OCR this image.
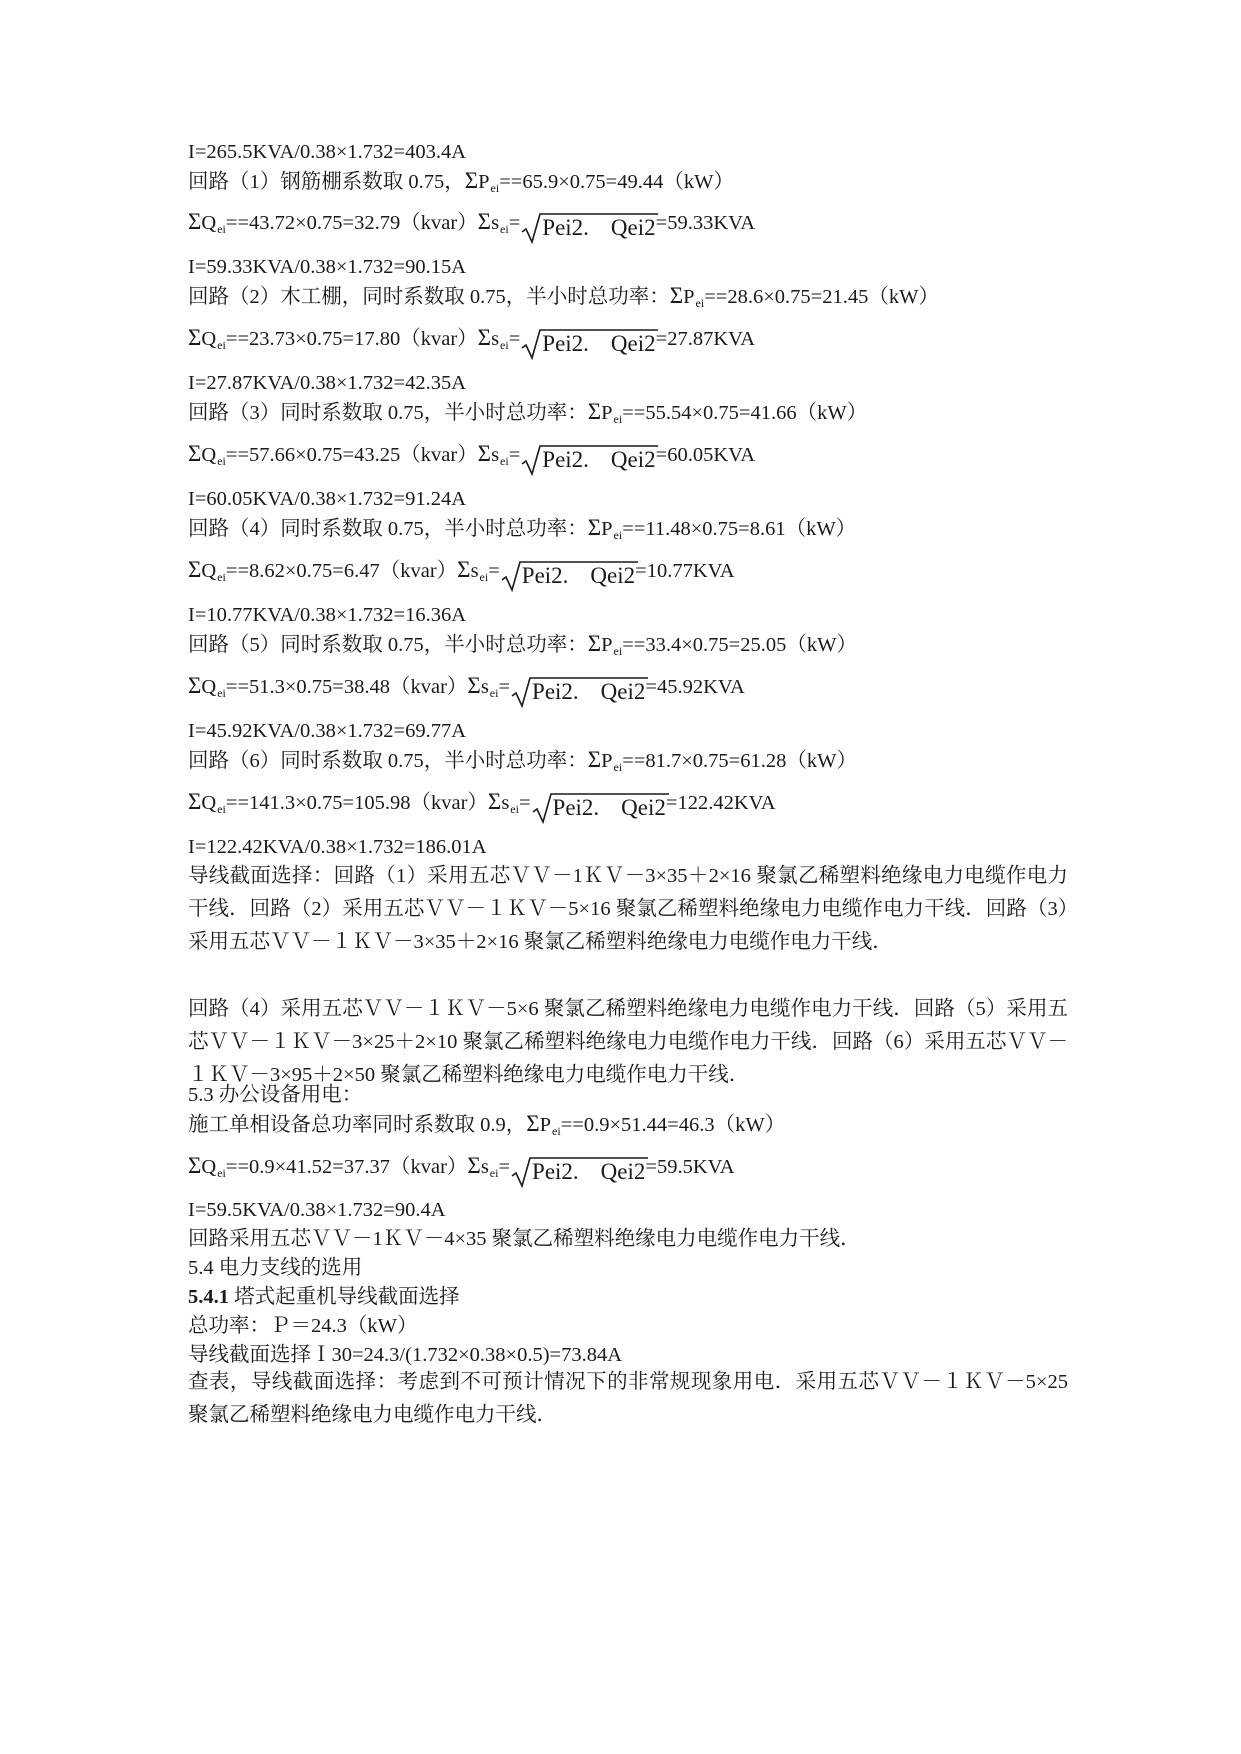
I=265.5KVA/0.38×1.732=403.4A
回路（1）钢筋棚系数取 0.75，ΣPei==65.9×0.75=49.44（kW）
ΣQei==43.72×0.75=32.79（kvar）Σsei= Pei2. Qei2=59.33KVA
I=59.33KVA/0.38×1.732=90.15A
回路（2）木工棚，同时系数取 0.75，半小时总功率：ΣPei==28.6×0.75=21.45（kW）
ΣQei==23.73×0.75=17.80（kvar）Σsei= Pei2. Qei2=27.87KVA
I=27.87KVA/0.38×1.732=42.35A
回路（3）同时系数取 0.75，半小时总功率：ΣPei==55.54×0.75=41.66（kW）
ΣQei==57.66×0.75=43.25（kvar）Σsei= Pei2. Qei2=60.05KVA
I=60.05KVA/0.38×1.732=91.24A
回路（4）同时系数取 0.75，半小时总功率：ΣPei==11.48×0.75=8.61（kW）
ΣQei==8.62×0.75=6.47（kvar）Σsei= Pei2. Qei2=10.77KVA
I=10.77KVA/0.38×1.732=16.36A
回路（5）同时系数取 0.75，半小时总功率：ΣPei==33.4×0.75=25.05（kW）
ΣQei==51.3×0.75=38.48（kvar）Σsei= Pei2. Qei2=45.92KVA
I=45.92KVA/0.38×1.732=69.77A
回路（6）同时系数取 0.75，半小时总功率：ΣPei==81.7×0.75=61.28（kW）
ΣQei==141.3×0.75=105.98（kvar）Σsei= Pei2. Qei2=122.42KVA
I=122.42KVA/0.38×1.732=186.01A
导线截面选择：回路（1）采用五芯ＶＶ－1ＫＶ－3×35＋2×16 聚氯乙稀塑料绝缘电力电缆作电力干线．回路（2）采用五芯ＶＶ－１ＫＶ－5×16 聚氯乙稀塑料绝缘电力电缆作电力干线．回路（3）采用五芯ＶＶ－１ＫＶ－3×35＋2×16 聚氯乙稀塑料绝缘电力电缆作电力干线．
回路（4）采用五芯ＶＶ－１ＫＶ－5×6 聚氯乙稀塑料绝缘电力电缆作电力干线．回路（5）采用五芯ＶＶ－１ＫＶ－3×25＋2×10 聚氯乙稀塑料绝缘电力电缆作电力干线．回路（6）采用五芯ＶＶ－１ＫＶ－3×95＋2×50 聚氯乙稀塑料绝缘电力电缆作电力干线．
5.3 办公设备用电：
施工单相设备总功率同时系数取 0.9，ΣPei==0.9×51.44=46.3（kW）
ΣQei==0.9×41.52=37.37（kvar）Σsei= Pei2. Qei2=59.5KVA
I=59.5KVA/0.38×1.732=90.4A
回路采用五芯ＶＶ－1ＫＶ－4×35 聚氯乙稀塑料绝缘电力电缆作电力干线．
5.4 电力支线的选用
5.4.1 塔式起重机导线截面选择
总功率：Ｐ＝24.3（kW）
导线截面选择Ｉ30=24.3/(1.732×0.38×0.5)=73.84A
查表，导线截面选择：考虑到不可预计情况下的非常规现象用电．采用五芯ＶＶ－１ＫＶ－5×25 聚氯乙稀塑料绝缘电力电缆作电力干线．
